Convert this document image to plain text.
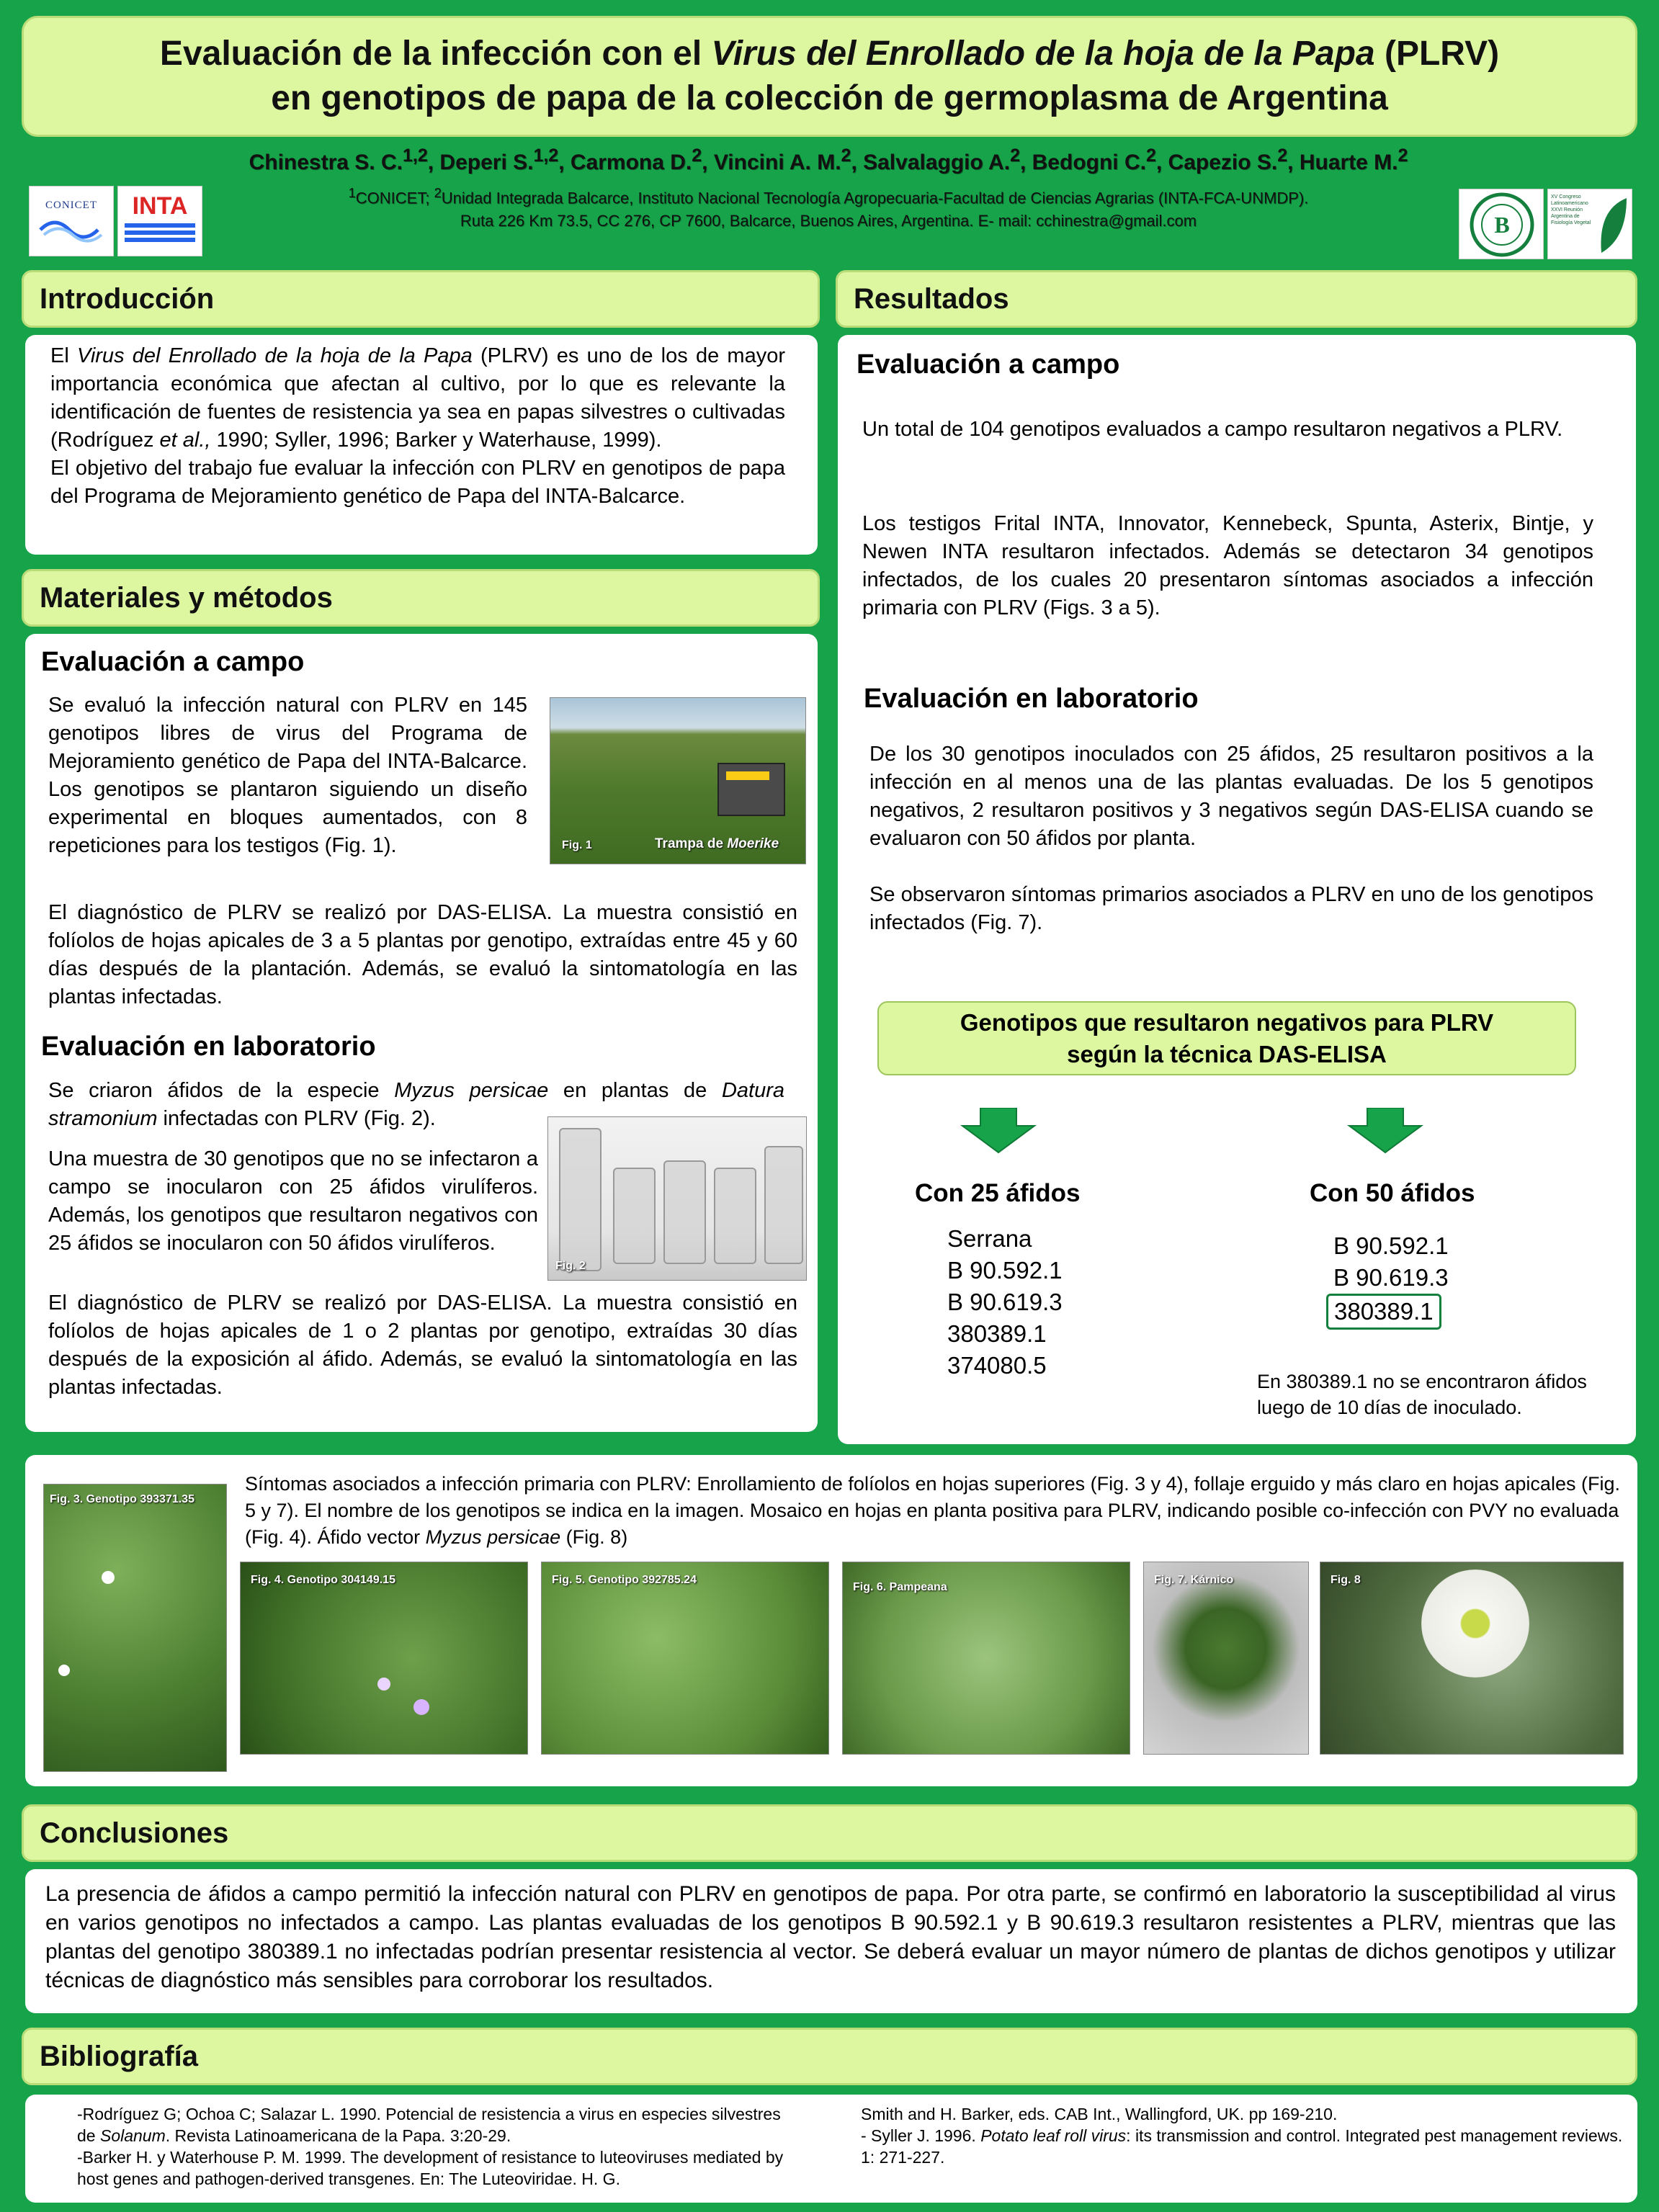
Evaluación de la infección con el Virus del Enrollado de la hoja de la Papa (PLRV)
en genotipos de papa de la colección de germoplasma de Argentina
Chinestra S. C.$^{1,2}$, Deperi S.$^{1,2}$, Carmona D.$^2$, Vincini A. M.$^2$, Salvalaggio A.$^2$, Bedogni C.$^2$, Capezio S.$^2$, Huarte M.$^2$
$^1$CONICET; $^2$Unidad Integrada Balcarce, Instituto Nacional Tecnología Agropecuaria-Facultad de Ciencias Agrarias (INTA-FCA-UNMDP).
Ruta 226 Km 73.5, CC 276, CP 7600, Balcarce, Buenos Aires, Argentina. E- mail: cchinestra@gmail.com
CONICET	INTA
B
XV Congreso Latinoamericano XXVI Reunión Argentina de Fisiología Vegetal
Introducción
El Virus del Enrollado de la hoja de la Papa (PLRV) es uno de los de mayor importancia económica que afectan al cultivo, por lo que es relevante la identificación de fuentes de resistencia ya sea en papas silvestres o cultivadas (Rodríguez et al., 1990; Syller, 1996; Barker y Waterhause, 1999).
El objetivo del trabajo fue evaluar la infección con PLRV en genotipos de papa del Programa de Mejoramiento genético de Papa del INTA-Balcarce.
Materiales y métodos
Evaluación a campo
Se evaluó la infección natural con PLRV en 145 genotipos libres de virus del Programa de Mejoramiento genético de Papa del INTA-Balcarce. Los genotipos se plantaron siguiendo un diseño experimental en bloques aumentados, con 8 repeticiones para los testigos (Fig. 1).	Fig. 1	Trampa de Moerike
El diagnóstico de PLRV se realizó por DAS-ELISA. La muestra consistió en folíolos de hojas apicales de 3 a 5 plantas por genotipo, extraídas entre 45 y 60 días después de la plantación. Además, se evaluó la sintomatología en las plantas infectadas.
Evaluación en laboratorio
Se criaron áfidos de la especie Myzus persicae en plantas de Datura stramonium infectadas con PLRV (Fig. 2).
Una muestra de 30 genotipos que no se infectaron a campo se inocularon con 25 áfidos virulíferos. Además, los genotipos que resultaron negativos con 25 áfidos se inocularon con 50 áfidos virulíferos.
Fig. 2
El diagnóstico de PLRV se realizó por DAS-ELISA. La muestra consistió en folíolos de hojas apicales de 1 o 2 plantas por genotipo, extraídas 30 días después de la exposición al áfido. Además, se evaluó la sintomatología en las plantas infectadas.
Resultados
Evaluación a campo
Un total de 104 genotipos evaluados a campo resultaron negativos a PLRV.
Los testigos Frital INTA, Innovator, Kennebeck, Spunta, Asterix, Bintje, y Newen INTA resultaron infectados. Además se detectaron 34 genotipos infectados, de los cuales 20 presentaron síntomas asociados a infección primaria con PLRV (Figs. 3 a 5).
Evaluación en laboratorio
De los 30 genotipos inoculados con 25 áfidos, 25 resultaron positivos a la infección en al menos una de las plantas evaluadas. De los 5 genotipos negativos, 2 resultaron positivos y 3 negativos según DAS-ELISA cuando se evaluaron con 50 áfidos por planta.
Se observaron síntomas primarios asociados a PLRV en uno de los genotipos infectados (Fig. 7).
Genotipos que resultaron negativos para PLRV
según la técnica DAS-ELISA
Con 25 áfidos
Serrana
B 90.592.1
B 90.619.3
380389.1
374080.5
Con 50 áfidos
B 90.592.1
B 90.619.3
380389.1
En 380389.1 no se encontraron áfidos luego de 10 días de inoculado.
Fig. 3. Genotipo 393371.35
Síntomas asociados a infección primaria con PLRV: Enrollamiento de folíolos en hojas superiores (Fig. 3 y 4), follaje erguido y más claro en hojas apicales (Fig. 5 y 7). El nombre de los genotipos se indica en la imagen. Mosaico en hojas en planta positiva para PLRV, indicando posible co-infección con PVY no evaluada (Fig. 4). Áfido vector Myzus persicae (Fig. 8)
Fig. 4. Genotipo 304149.15	Fig. 5. Genotipo 392785.24
Fig. 6. Pampeana
Fig. 7. Kárnico	Fig. 8
Conclusiones
La presencia de áfidos a campo permitió la infección natural con PLRV en genotipos de papa. Por otra parte, se confirmó en laboratorio la susceptibilidad al virus en varios genotipos no infectados a campo. Las plantas evaluadas de los genotipos B 90.592.1 y B 90.619.3 resultaron resistentes a PLRV, mientras que las plantas del genotipo 380389.1 no infectadas podrían presentar resistencia al vector. Se deberá evaluar un mayor número de plantas de dichos genotipos y utilizar técnicas de diagnóstico más sensibles para corroborar los resultados.
Bibliografía
-Rodríguez G; Ochoa C; Salazar L. 1990. Potencial de resistencia a virus en especies silvestres de Solanum. Revista Latinoamericana de la Papa. 3:20-29.
-Barker H. y Waterhouse P. M. 1999. The development of resistance to luteoviruses mediated by host genes and pathogen-derived transgenes. En: The Luteoviridae. H. G.
Smith and H. Barker, eds. CAB Int., Wallingford, UK. pp 169-210.
- Syller J. 1996. Potato leaf roll virus: its transmission and control. Integrated pest management reviews. 1: 271-227.
